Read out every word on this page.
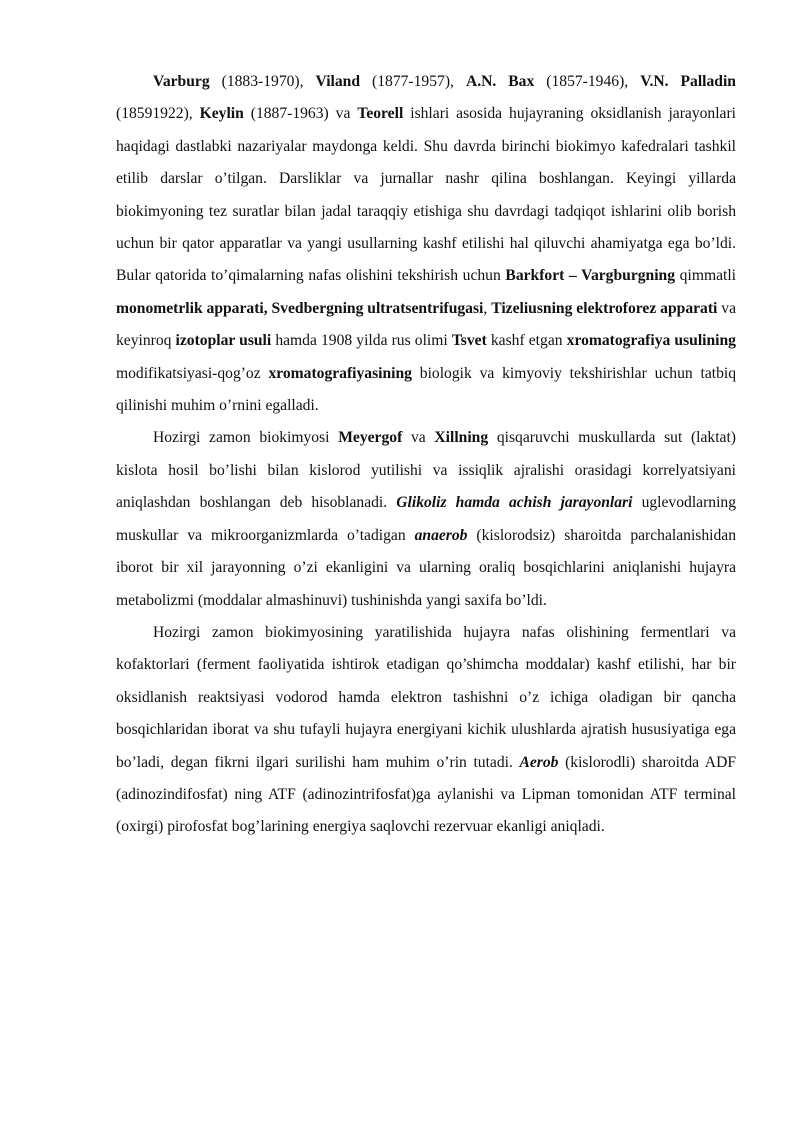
Varburg (1883-1970), Viland (1877-1957), A.N. Bax (1857-1946), V.N. Palladin (18591922), Keylin (1887-1963) va Teorell ishlari asosida hujayraning oksidlanish jarayonlari haqidagi dastlabki nazariyalar maydonga keldi. Shu davrda birinchi biokimyo kafedralari tashkil etilib darslar o’tilgan. Darsliklar va jurnallar nashr qilina boshlangan. Keyingi yillarda biokimyoning tez suratlar bilan jadal taraqqiy etishiga shu davrdagi tadqiqot ishlarini olib borish uchun bir qator apparatlar va yangi usullarning kashf etilishi hal qiluvchi ahamiyatga ega bo’ldi. Bular qatorida to’qimalarning nafas olishini tekshirish uchun Barkfort – Vargburgning qimmatli monometrlik apparati, Svedbergning ultratsentrifugasi, Tizeliusning elektroforez apparati va keyinroq izotoplar usuli hamda 1908 yilda rus olimi Tsvet kashf etgan xromatografiya usulining modifikatsiyasi-qog’oz xromatografiyasining biologik va kimyoviy tekshirishlar uchun tatbiq qilinishi muhim o’rnini egalladi.

Hozirgi zamon biokimyosi Meyergof va Xillning qisqaruvchi muskullarda sut (laktat) kislota hosil bo’lishi bilan kislorod yutilishi va issiqlik ajralishi orasidagi korrelyatsiyani aniqlashdan boshlangan deb hisoblanadi. Glikoliz hamda achish jarayonlari uglevodlarning muskullar va mikroorganizmlarda o’tadigan anaerob (kislorodsiz) sharoitda parchalanishidan iborot bir xil jarayonning o’zi ekanligini va ularning oraliq bosqichlarini aniqlanishi hujayra metabolizmi (moddalar almashinuvi) tushinishda yangi saxifa bo’ldi.

Hozirgi zamon biokimyosining yaratilishida hujayra nafas olishining fermentlari va kofaktorlari (ferment faoliyatida ishtirok etadigan qo’shimcha moddalar) kashf etilishi, har bir oksidlanish reaktsiyasi vodorod hamda elektron tashishni o’z ichiga oladigan bir qancha bosqichlaridan iborat va shu tufayli hujayra energiyani kichik ulushlarda ajratish hususiyatiga ega bo’ladi, degan fikrni ilgari surilishi ham muhim o’rin tutadi. Aerob (kislorodli) sharoitda ADF (adinozindifosfat) ning ATF (adinozintrifosfat)ga aylanishi va Lipman tomonidan ATF terminal (oxirgi) pirofosfat bog’larining energiya saqlovchi rezervuar ekanligi aniqladi.
